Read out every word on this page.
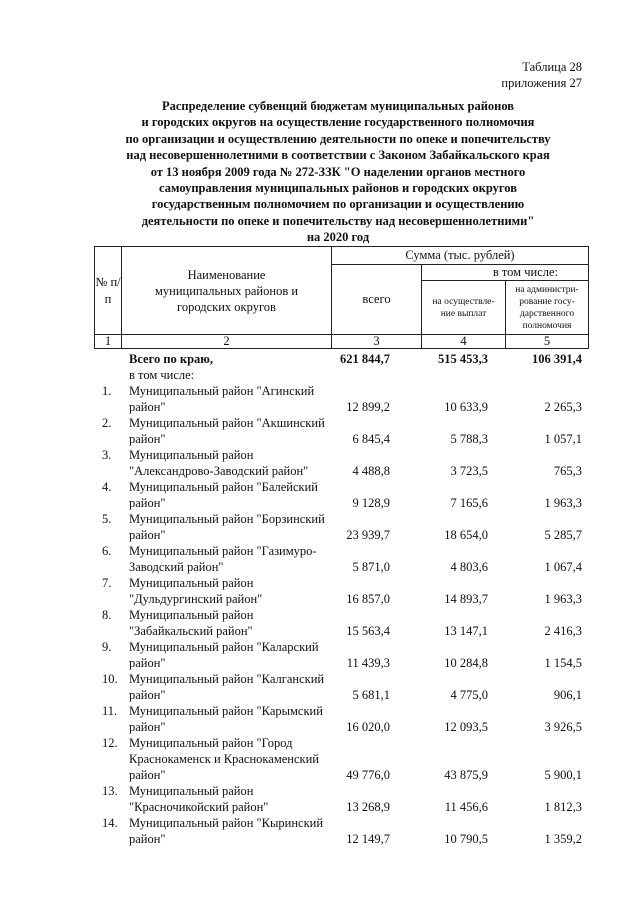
Таблица 28
приложения 27
Распределение субвенций бюджетам муниципальных районов
и городских округов на осуществление государственного полномочия
по организации и осуществлению деятельности по опеке и попечительству
над несовершеннолетними в соответствии с Законом Забайкальского края
от 13 ноября 2009 года № 272-ЗЗК "О наделении органов местного
самоуправления муниципальных районов и городских округов
государственным полномочием по организации и осуществлению
деятельности по опеке и попечительству над несовершеннолетними"
на 2020 год
№ п/п	Наименование муниципальных районов и городских округов	Сумма (тыс. рублей)		
		всего	в том числе:	

			на осуществле-ние выплат	на администри-рование госу-дарственного полномочия

1	2	3	4	5
Всего по краю,	621 844,7	515 453,3	106 391,4
в том числе:
1.	Муниципальный район "Агинский район"	12 899,2	10 633,9	2 265,3
2.	Муниципальный район "Акшинский район"	6 845,4	5 788,3	1 057,1
3.	Муниципальный район "Александрово-Заводский район"	4 488,8	3 723,5	765,3
4.	Муниципальный район "Балейский район"	9 128,9	7 165,6	1 963,3
5.	Муниципальный район "Борзинский район"	23 939,7	18 654,0	5 285,7
6.	Муниципальный район "Газимуро-Заводский район"	5 871,0	4 803,6	1 067,4
7.	Муниципальный район "Дульдургинский район"	16 857,0	14 893,7	1 963,3
8.	Муниципальный район "Забайкальский район"	15 563,4	13 147,1	2 416,3
9.	Муниципальный район "Каларский район"	11 439,3	10 284,8	1 154,5
10. Муниципальный район "Калганский район"	5 681,1	4 775,0	906,1
11. Муниципальный район "Карымский район"	16 020,0	12 093,5	3 926,5
12. Муниципальный район "Город Краснокаменск и Краснокаменский район"	49 776,0	43 875,9	5 900,1
13. Муниципальный район "Красночикойский район"	13 268,9	11 456,6	1 812,3
14. Муниципальный район "Кыринский район"	12 149,7	10 790,5	1 359,2
